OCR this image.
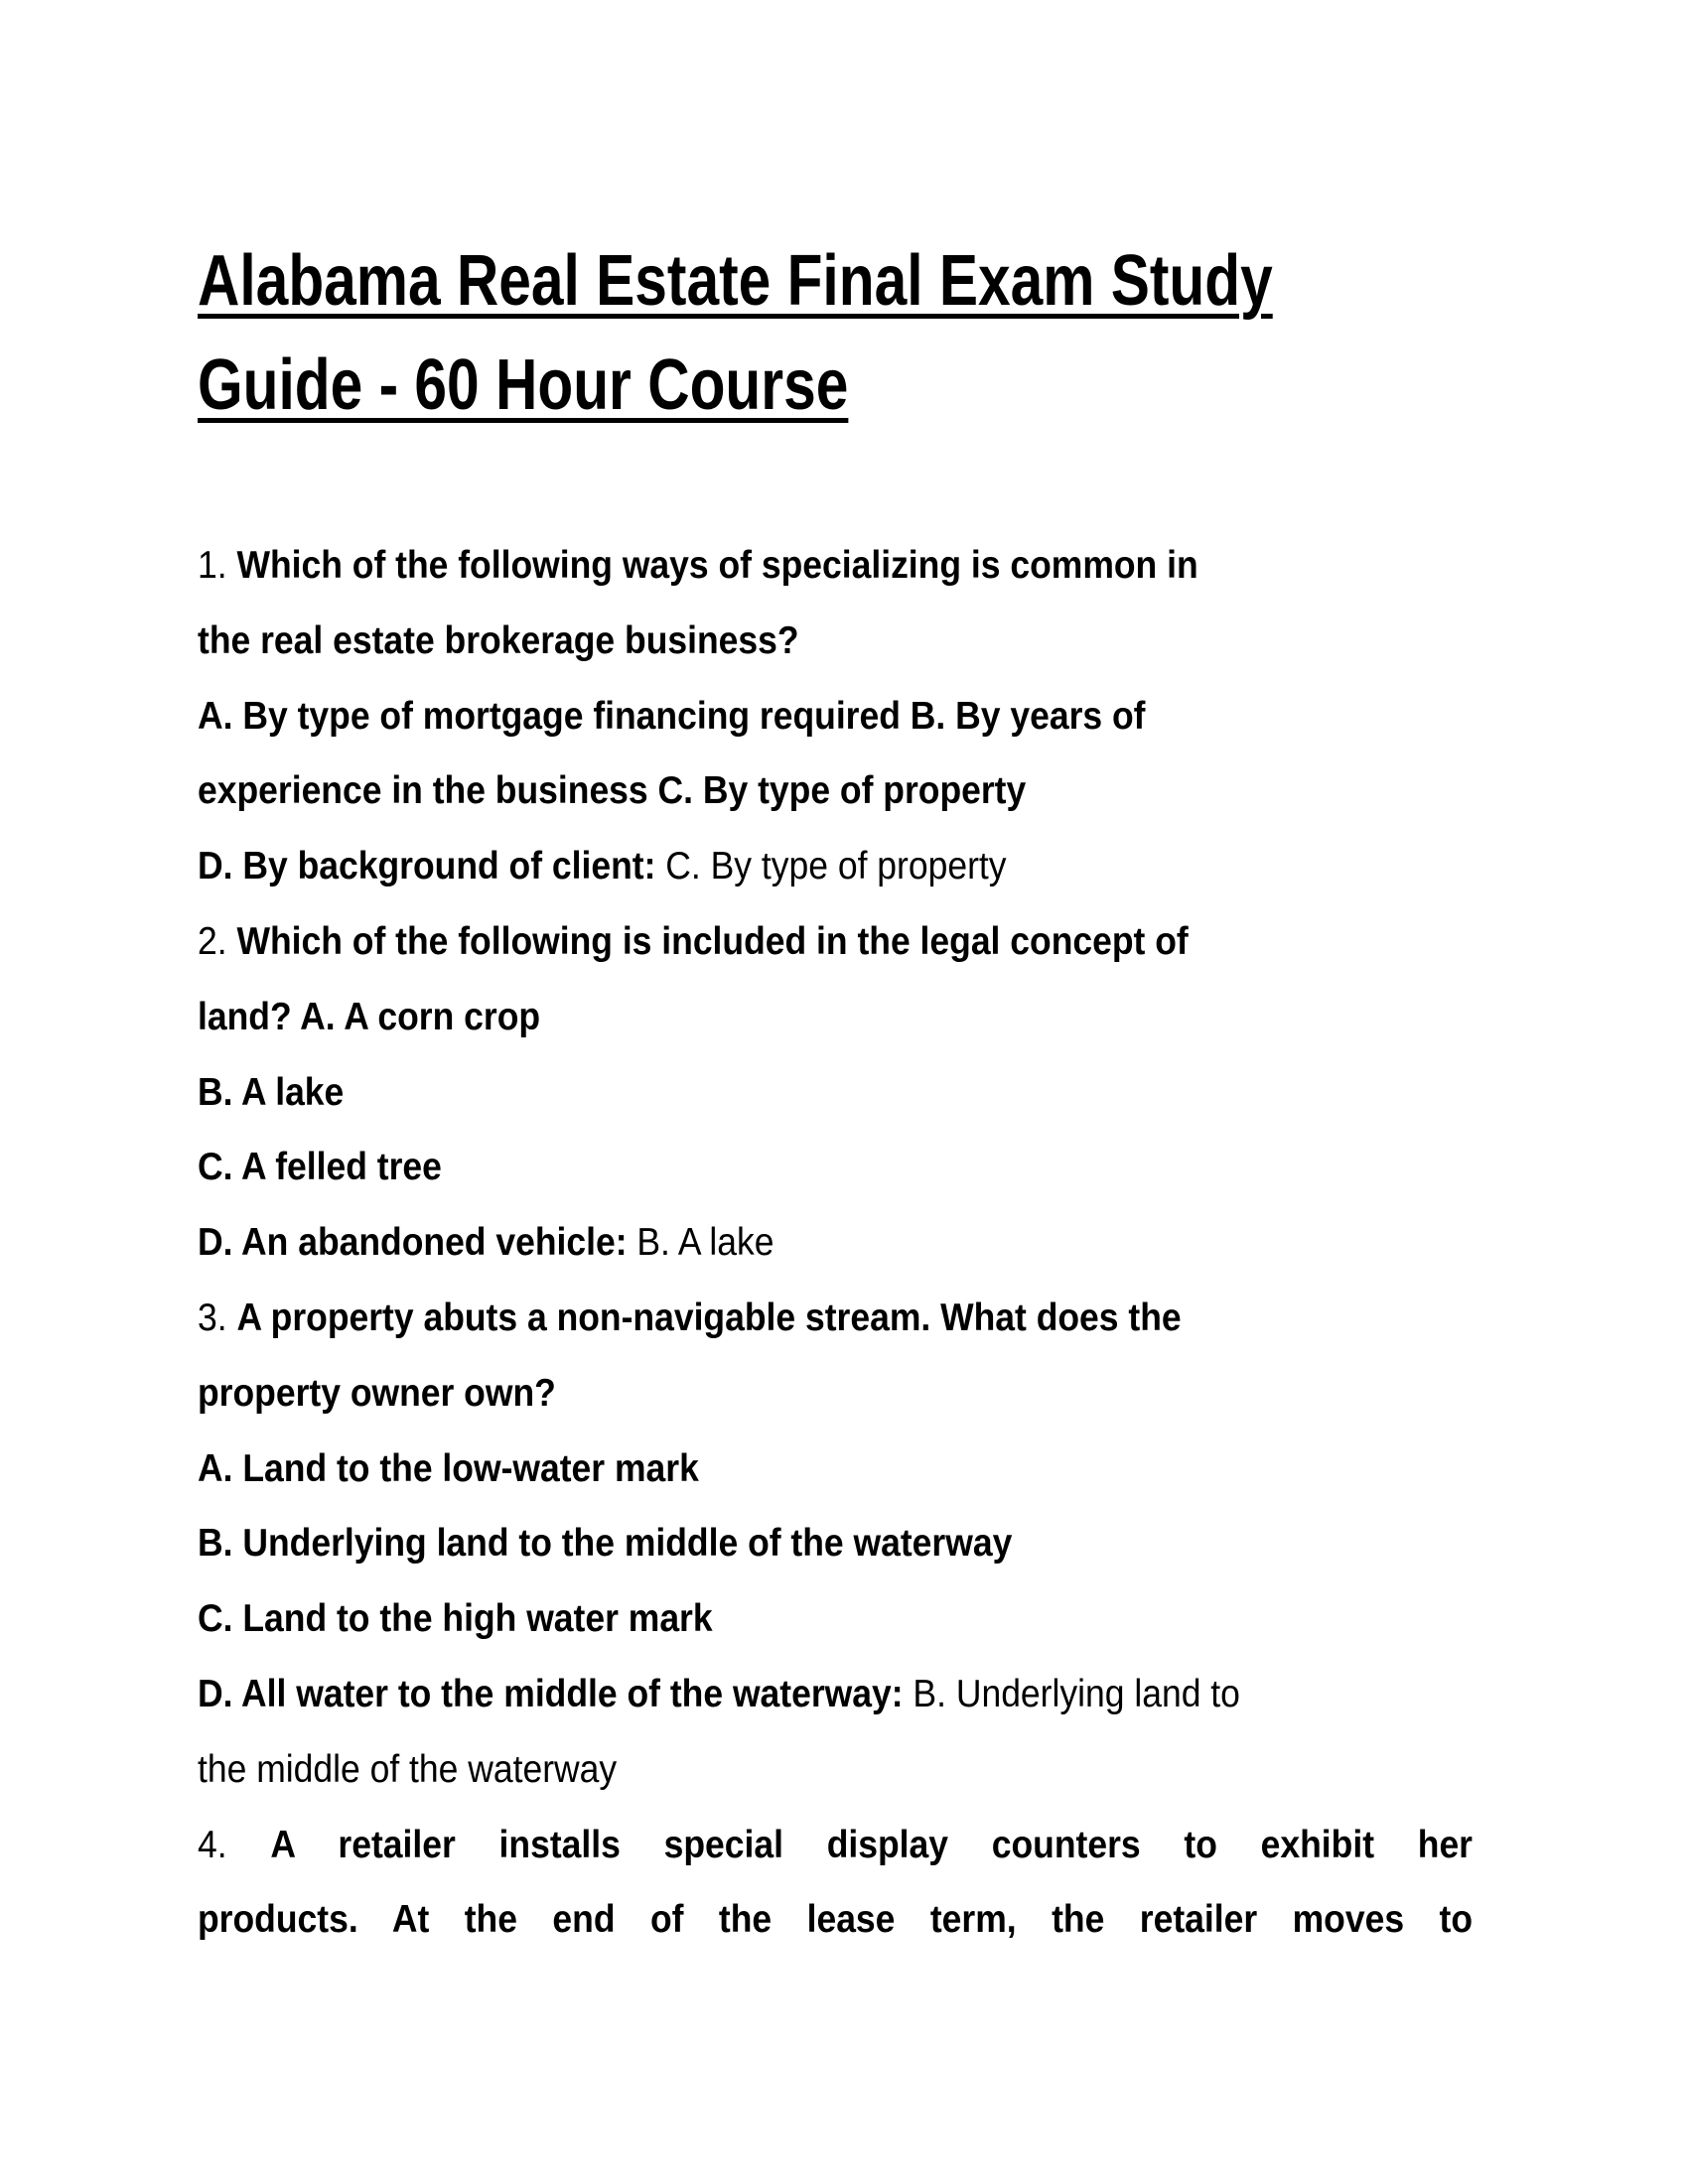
Alabama Real Estate Final Exam Study
Guide - 60 Hour Course
1. Which of the following ways of specializing is common in
the real estate brokerage business?
A. By type of mortgage financing required B. By years of
experience in the business C. By type of property
D. By background of client: C. By type of property
2. Which of the following is included in the legal concept of
land? A. A corn crop
B. A lake
C. A felled tree
D. An abandoned vehicle: B. A lake
3. A property abuts a non-navigable stream. What does the
property owner own?
A. Land to the low-water mark
B. Underlying land to the middle of the waterway
C. Land to the high water mark
D. All water to the middle of the waterway: B. Underlying land to
the middle of the waterway
4. A retailer installs special display counters to exhibit her
products. At the end of the lease term, the retailer moves to
